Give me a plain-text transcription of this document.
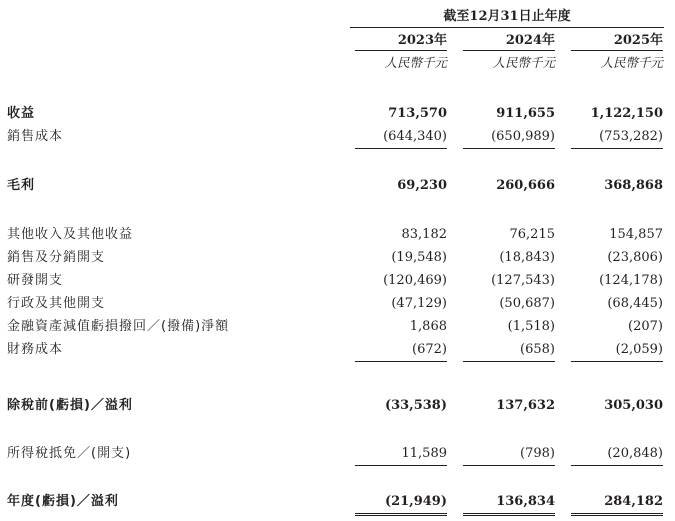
截至12月31日止年度
2023年	2024年	2025年
人民幣千元	人民幣千元	人民幣千元
收益	713,570	911,655	1,122,150
銷售成本	(644,340)	(650,989)	(753,282)
毛利	69,230	260,666	368,868
其他收入及其他收益	83,182	76,215	154,857
銷售及分銷開支	(19,548)	(18,843)	(23,806)
研發開支	(120,469)	(127,543)	(124,178)
行政及其他開支	(47,129)	(50,687)	(68,445)
金融資產減值虧損撥回／(撥備)淨額	1,868	(1,518)	(207)
財務成本	(672)	(658)	(2,059)
除稅前(虧損)／溢利	(33,538)	137,632	305,030
所得稅抵免／(開支)	11,589	(798)	(20,848)
年度(虧損)／溢利	(21,949)	136,834	284,182
